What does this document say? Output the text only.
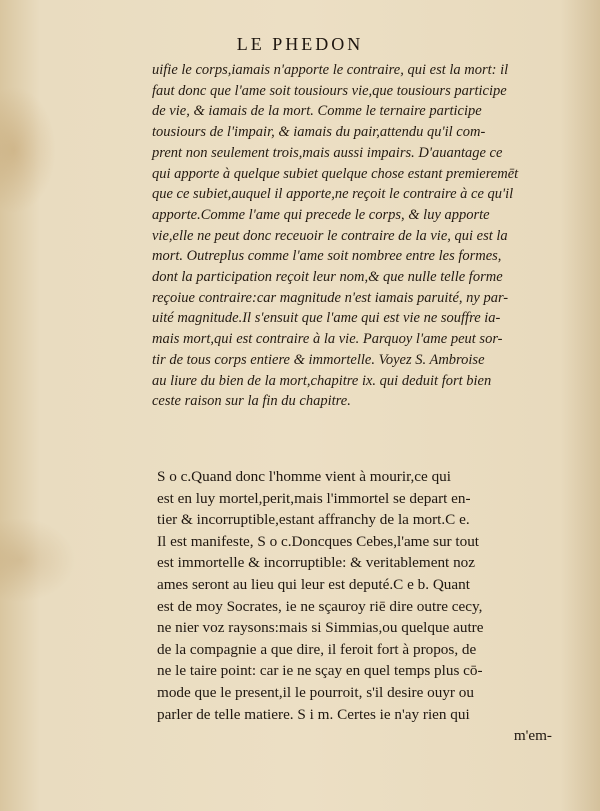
LE PHEDON
uifie le corps,iamais n'apporte le contraire, qui est la mort: il
faut donc que l'ame soit tousiours vie,que tousiours participe
de vie, & iamais de la mort. Comme le ternaire participe
tousiours de l'impair, & iamais du pair,attendu qu'il com-
prent non seulement trois,mais aussi impairs. D'auantage ce
qui apporte à quelque subiet quelque chose estant premieremēt
que ce subiet,auquel il apporte,ne reçoit le contraire à ce qu'il
apporte.Comme l'ame qui precede le corps, & luy apporte
vie,elle ne peut donc receuoir le contraire de la vie, qui est la
mort. Outreplus comme l'ame soit nombree entre les formes,
dont la participation reçoit leur nom,& que nulle telle forme
reçoiue contraire:car magnitude n'est iamais paruité, ny par-
uité magnitude.Il s'ensuit que l'ame qui est vie ne souffre ia-
mais mort,qui est contraire à la vie. Parquoy l'ame peut sor-
tir de tous corps entiere & immortelle. Voyez S. Ambroise
au liure du bien de la mort,chapitre ix. qui deduit fort bien
ceste raison sur la fin du chapitre.
S o c.Quand donc l'homme vient à mourir,ce qui
est en luy mortel,perit,mais l'immortel se depart en-
tier & incorruptible,estant affranchy de la mort.C e.
Il est manifeste, S o c.Doncques Cebes,l'ame sur tout
est immortelle & incorruptible: & veritablement noz
ames seront au lieu qui leur est deputé.C e b. Quant
est de moy Socrates, ie ne sçauroy riē dire outre cecy,
ne nier voz raysons:mais si Simmias,ou quelque autre
de la compagnie a que dire, il feroit fort à propos, de
ne le taire point: car ie ne sçay en quel temps plus cō-
mode que le present,il le pourroit, s'il desire ouyr ou
parler de telle matiere. S i m. Certes ie n'ay rien qui
m'em-
